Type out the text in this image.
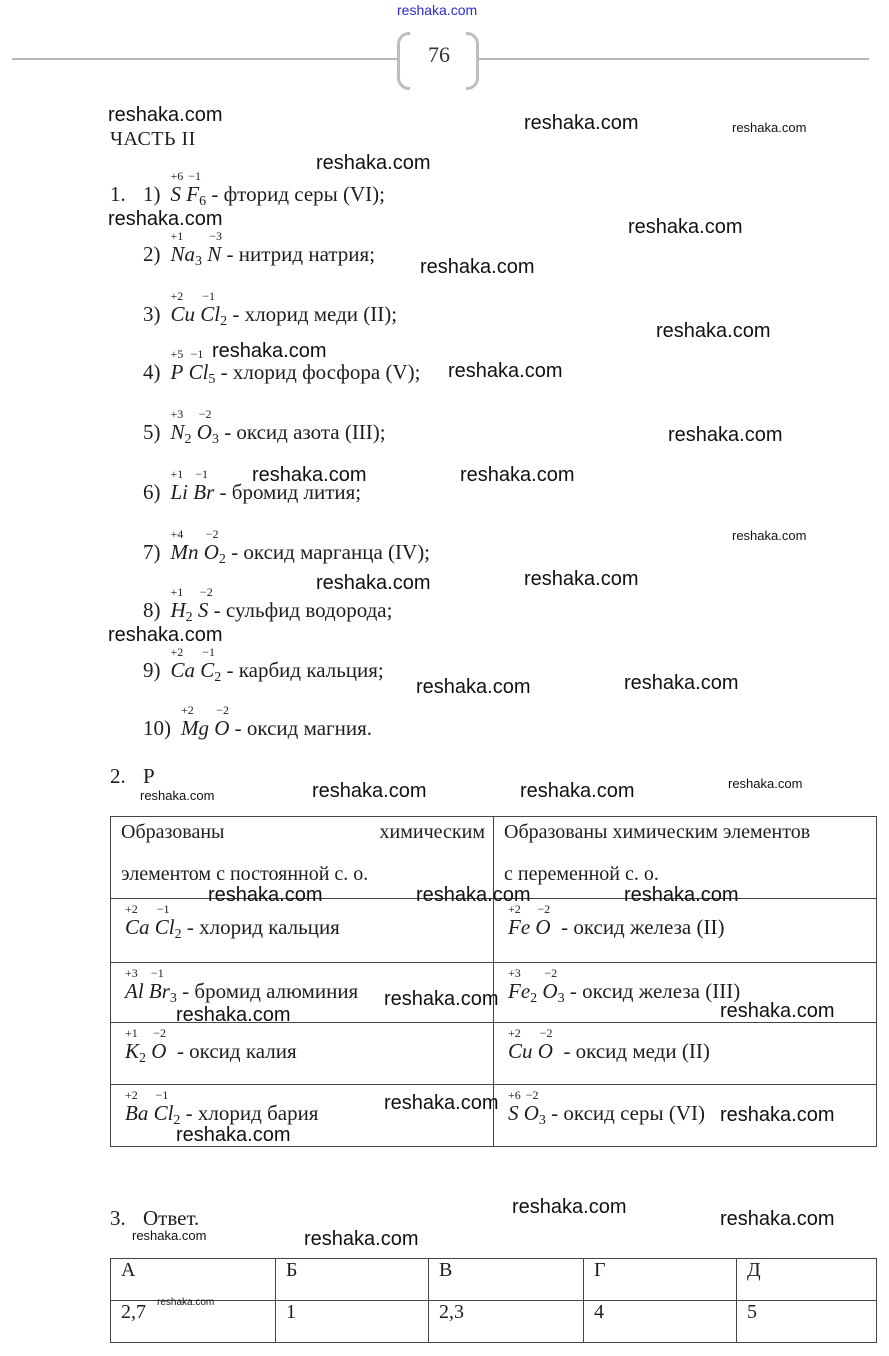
reshaka.com
76
ЧАСТЬ II
1. 1)
+6
S
−1
$F_6$ - фторид серы (VI);
2)
+1
$Na_3$
−3
N - нитрид натрия;
3)
+2
Cu
−1
$Cl_2$ - хлорид меди (II);
4)
+5
P
−1
$Cl_5$ - хлорид фосфора (V);
5)
+3
$N_2$
−2
$O_3$ - оксид азота (III);
6)
+1
Li
−1
Br - бромид лития;
7)
+4
Mn
−2
$O_2$ - оксид марганца (IV);
8)
+1
$H_2$
−2
S - сульфид водорода;
9)
+2
Ca
−1
$C_2$ - карбид кальция;
10)
+2
Mg
−2
O - оксид магния.
2. Р
Образованы химическим
элементом с постоянной с. о.	Образованы химическим элементов
с переменной с. о.

+2
Ca
−1
$Cl_2$ - хлорид кальция	+2
Fe
−2
O  - оксид железа (II)

+3
Al
−1
$Br_3$ - бромид алюминия	+3
$Fe_2$
−2
$O_3$ - оксид железа (III)

+1
$K_2$
−2
O  - оксид калия	+2
Cu
−2
O  - оксид меди (II)

+2
Ba
−1
$Cl_2$ - хлорид бария	+6
S
−2
$O_3$ - оксид серы (VI)
3. Ответ.
А	Б	В	Г	Д
2,7	1	2,3	4	5
reshaka.com	reshaka.com	reshaka.com
reshaka.com
reshaka.com	reshaka.com
reshaka.com
reshaka.com
reshaka.com
reshaka.com
reshaka.com
reshaka.com	reshaka.com
reshaka.com
reshaka.com	reshaka.com
reshaka.com
reshaka.com	reshaka.com
reshaka.com
reshaka.com	reshaka.com	reshaka.com
reshaka.com	reshaka.com	reshaka.com
reshaka.com
reshaka.com	reshaka.com
reshaka.com
reshaka.com
reshaka.com
reshaka.com
reshaka.com
reshaka.com	reshaka.com
reshaka.com
